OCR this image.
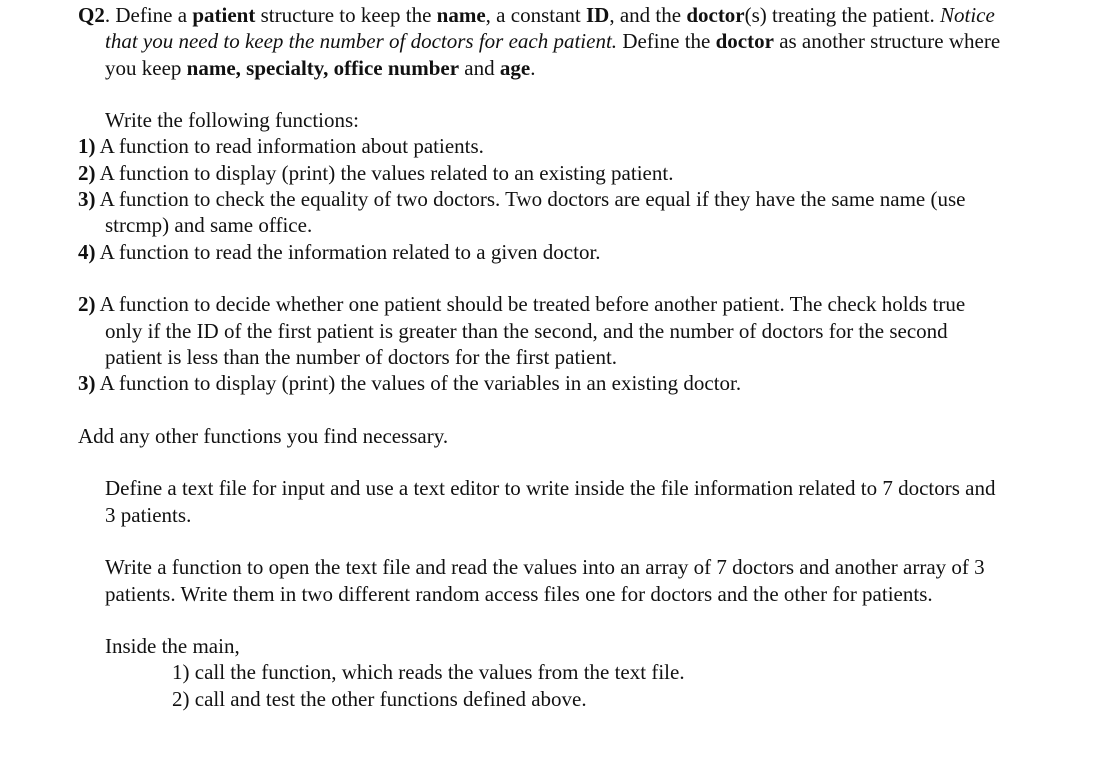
Q2. Define a patient structure to keep the name, a constant ID, and the doctor(s) treating the patient. Notice that you need to keep the number of doctors for each patient. Define the doctor as another structure where you keep name, specialty, office number and age.
Write the following functions:
1) A function to read information about patients.
2) A function to display (print) the values related to an existing patient.
3) A function to check the equality of two doctors. Two doctors are equal if they have the same name (use strcmp) and same office.
4) A function to read the information related to a given doctor.
2) A function to decide whether one patient should be treated before another patient. The check holds true only if the ID of the first patient is greater than the second, and the number of doctors for the second patient is less than the number of doctors for the first patient.
3) A function to display (print) the values of the variables in an existing doctor.
Add any other functions you find necessary.
Define a text file for input and use a text editor to write inside the file information related to 7 doctors and 3 patients.
Write a function to open the text file and read the values into an array of 7 doctors and another array of 3 patients. Write them in two different random access files one for doctors and the other for patients.
Inside the main,
1) call the function, which reads the values from the text file.
2) call and test the other functions defined above.
